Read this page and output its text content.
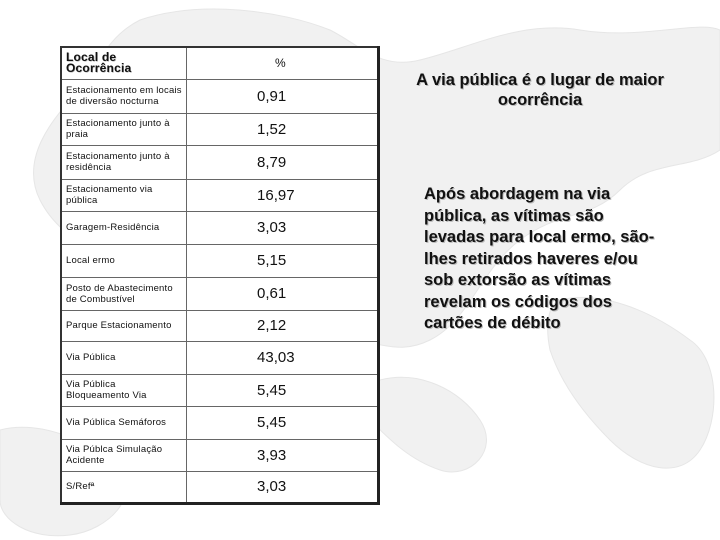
Local de Ocorrência	%
Estacionamento em locais de diversão nocturna	0,91
Estacionamento junto à praia	1,52
Estacionamento junto à residência	8,79
Estacionamento via pública	16,97
Garagem-Residência	3,03
Local ermo	5,15
Posto de Abastecimento de Combustível	0,61
Parque Estacionamento	2,12
Via Pública	43,03
Via Pública Bloqueamento Via	5,45
Via Pública Semáforos	5,45
Via Públca Simulação Acidente	3,93
S/Refª	3,03
A via pública é o lugar de maior ocorrência
Após abordagem na via pública, as vítimas são levadas para local ermo, são-lhes retirados haveres e/ou sob extorsão as vítimas revelam os códigos dos cartões de débito
